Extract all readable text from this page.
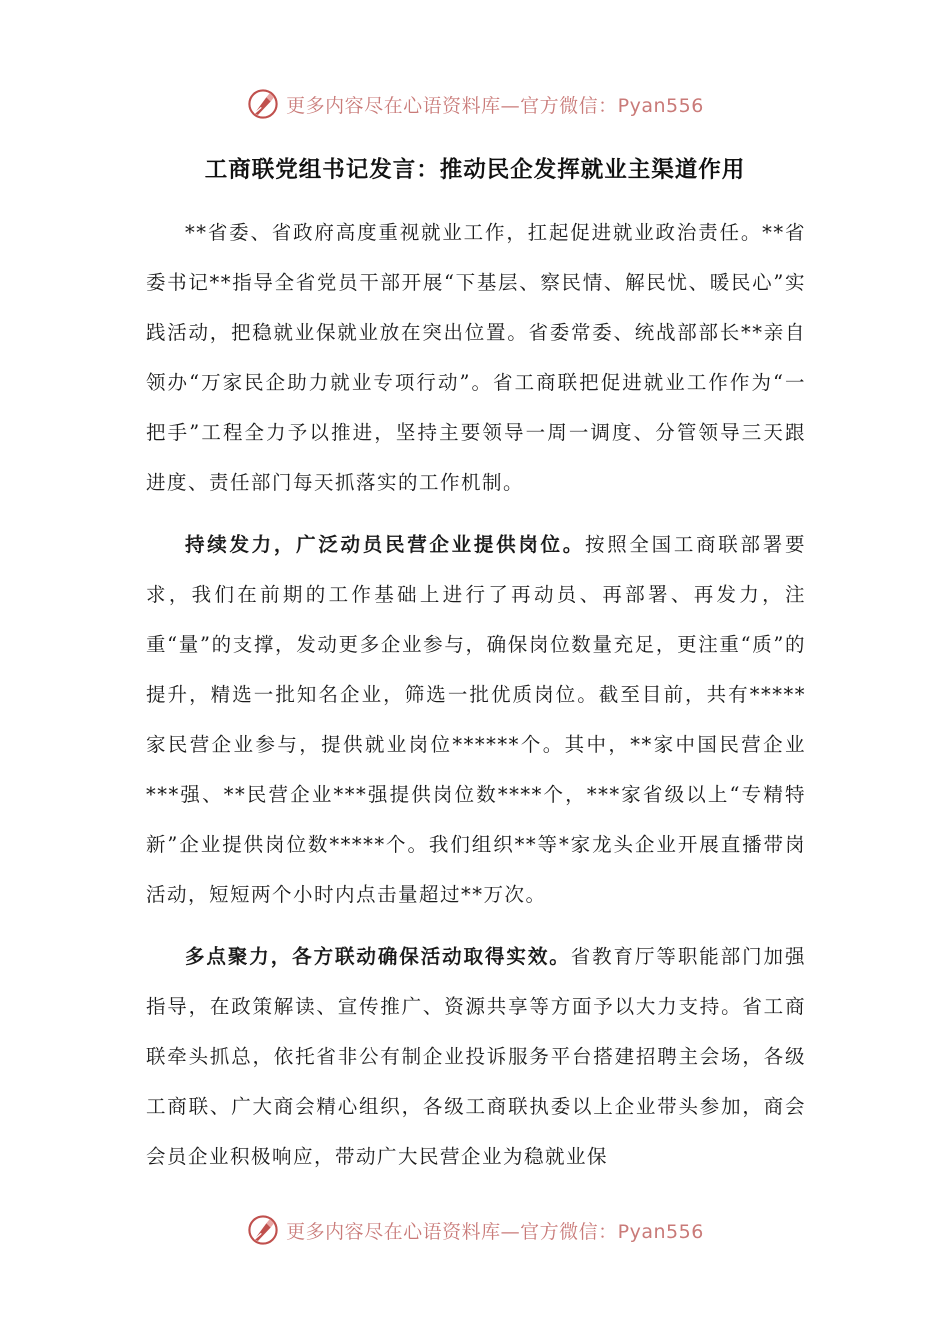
更多内容尽在心语资料库—官方微信：Pyan556
工商联党组书记发言：推动民企发挥就业主渠道作用

**省委、省政府高度重视就业工作，扛起促进就业政治责任。**省委书记**指导全省党员干部开展“下基层、察民情、解民忧、暖民心”实践活动，把稳就业保就业放在突出位置。省委常委、统战部部长**亲自领办“万家民企助力就业专项行动”。省工商联把促进就业工作作为“一把手”工程全力予以推进，坚持主要领导一周一调度、分管领导三天跟进度、责任部门每天抓落实的工作机制。

持续发力，广泛动员民营企业提供岗位。按照全国工商联部署要求，我们在前期的工作基础上进行了再动员、再部署、再发力，注重“量”的支撑，发动更多企业参与，确保岗位数量充足，更注重“质”的提升，精选一批知名企业，筛选一批优质岗位。截至目前，共有*****家民营企业参与，提供就业岗位******个。其中，**家中国民营企业***强、**民营企业***强提供岗位数****个，***家省级以上“专精特新”企业提供岗位数*****个。我们组织**等*家龙头企业开展直播带岗活动，短短两个小时内点击量超过**万次。

多点聚力，各方联动确保活动取得实效。省教育厅等职能部门加强指导，在政策解读、宣传推广、资源共享等方面予以大力支持。省工商联牵头抓总，依托省非公有制企业投诉服务平台搭建招聘主会场，各级工商联、广大商会精心组织，各级工商联执委以上企业带头参加，商会会员企业积极响应，带动广大民营企业为稳就业保

更多内容尽在心语资料库—官方微信：Pyan556
